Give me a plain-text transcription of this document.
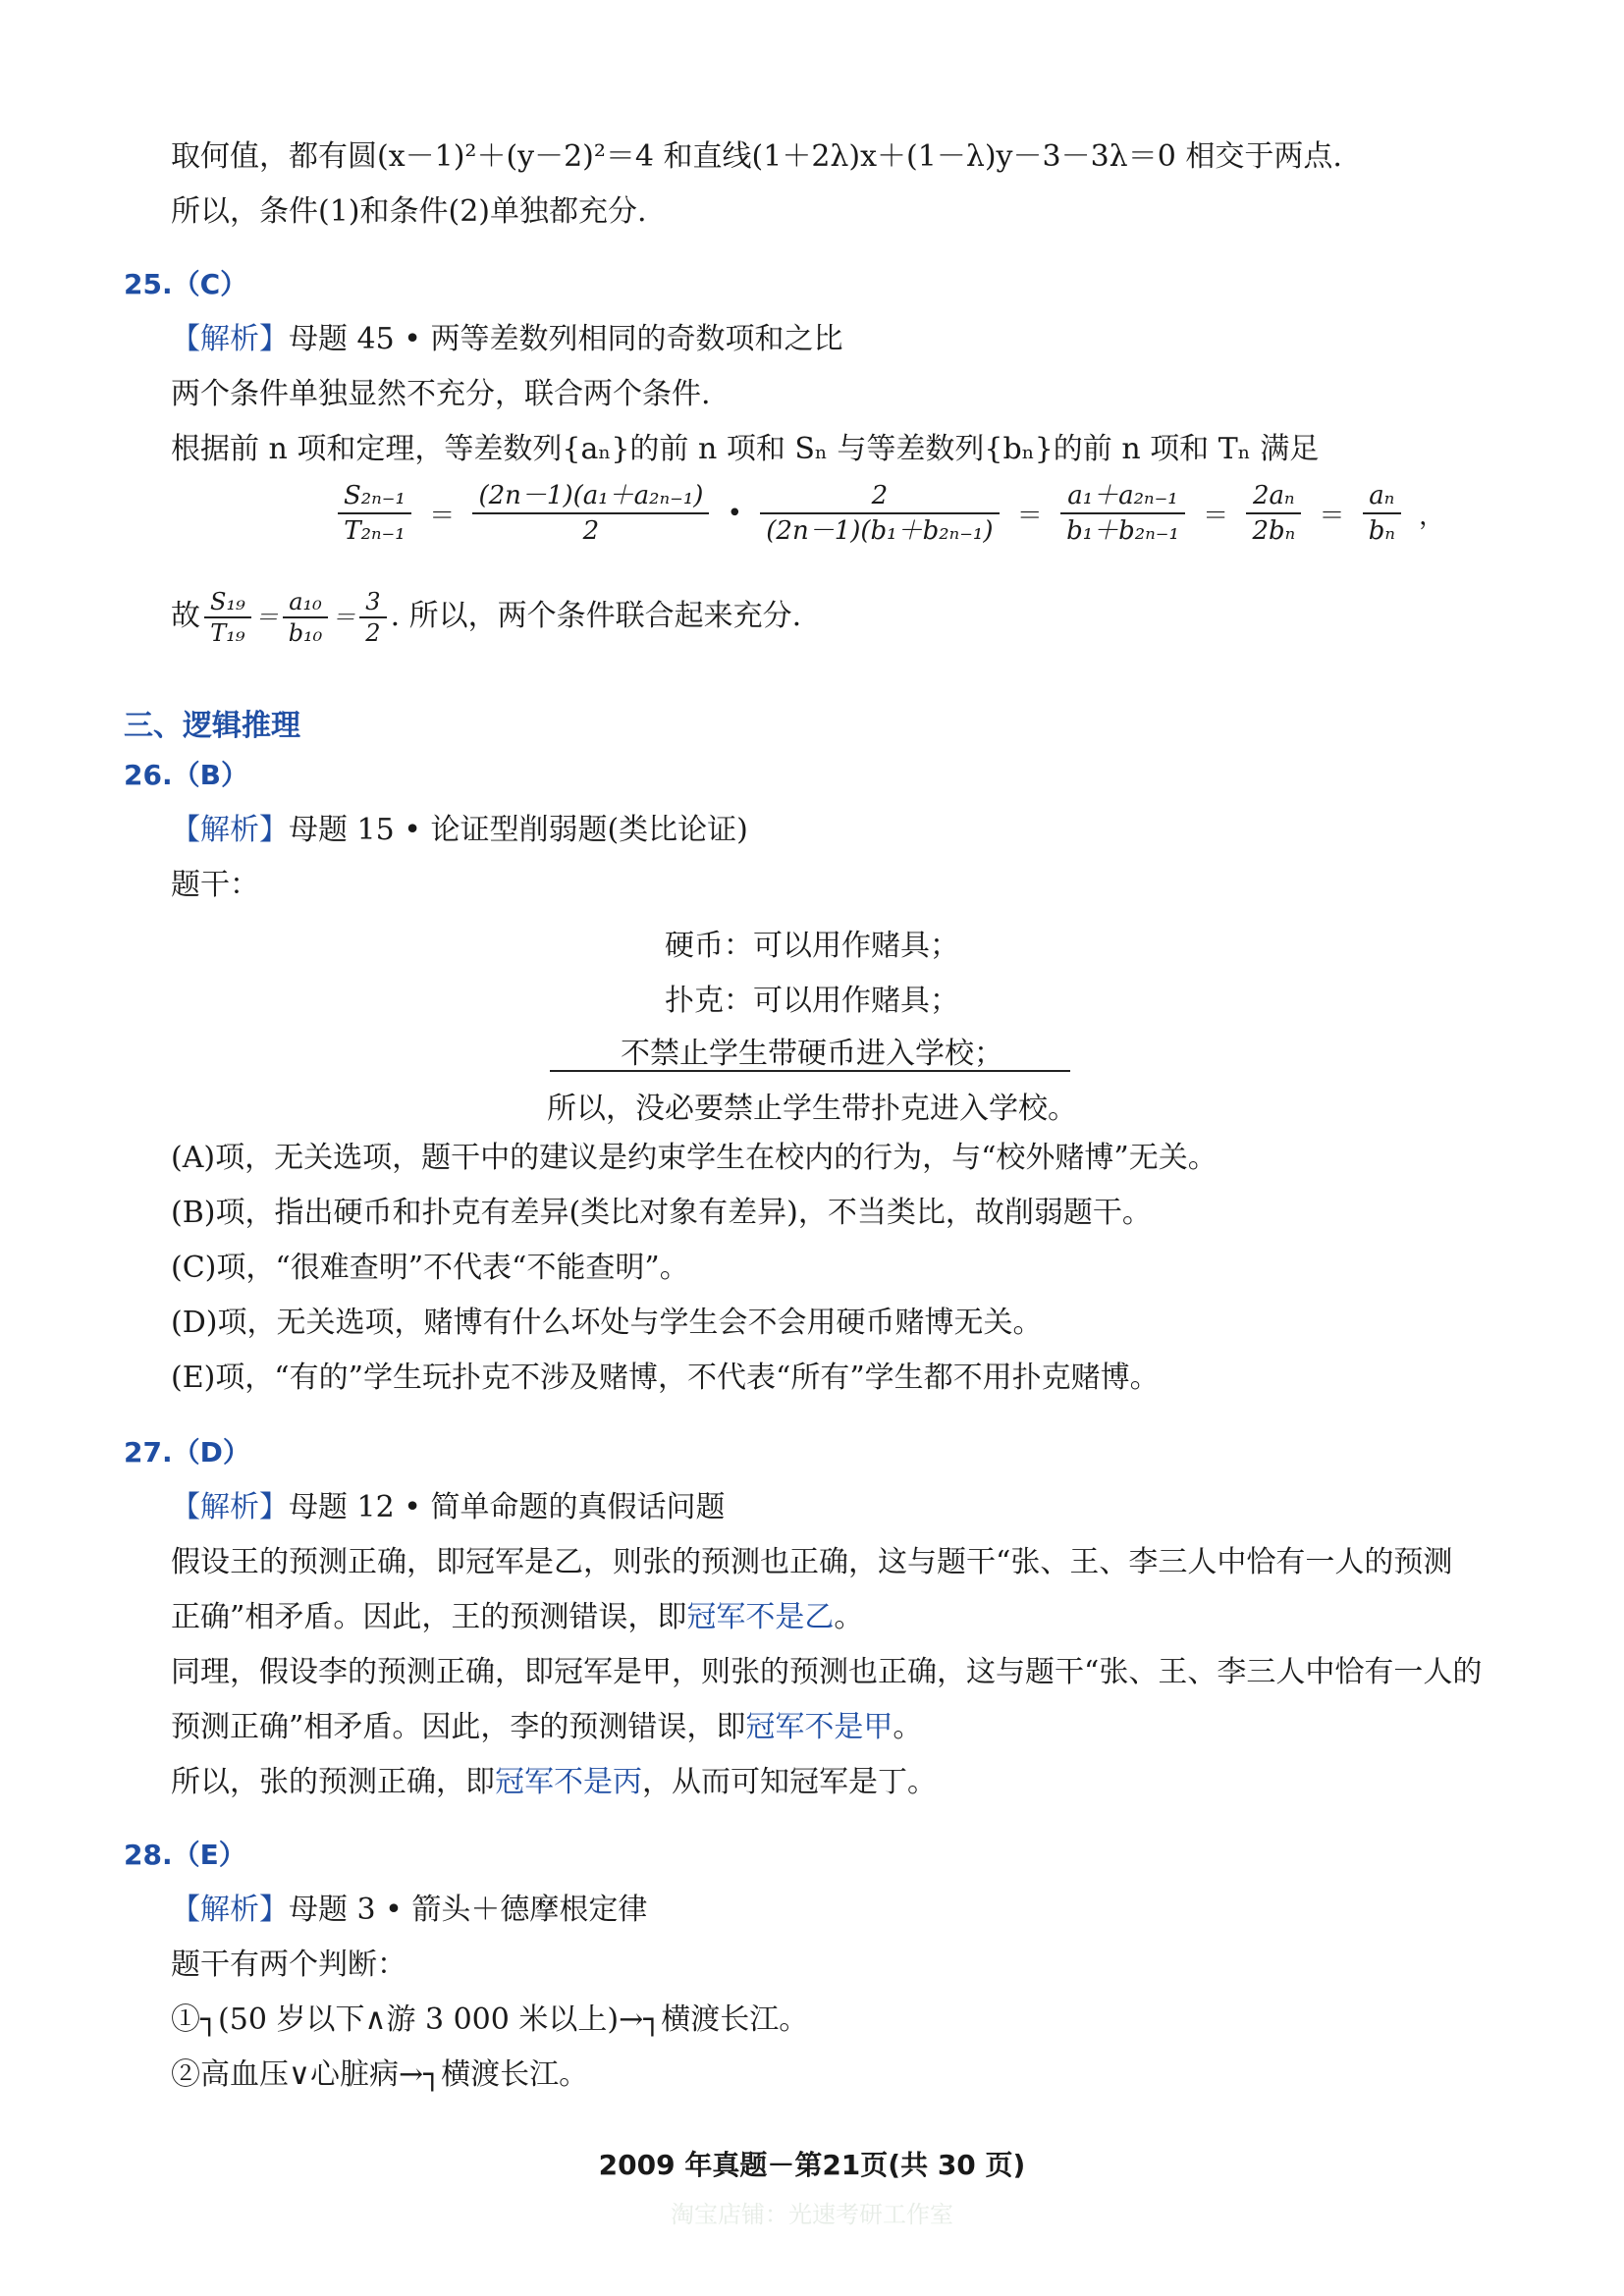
取何值，都有圆(x－1)²＋(y－2)²＝4 和直线(1＋2λ)x＋(1－λ)y－3－3λ＝0 相交于两点.
所以，条件(1)和条件(2)单独都充分.
25.（C）
【解析】母题 45 • 两等差数列相同的奇数项和之比
两个条件单独显然不充分，联合两个条件.
根据前 n 项和定理，等差数列{aₙ}的前 n 项和 Sₙ 与等差数列{bₙ}的前 n 项和 Tₙ 满足
$\frac{\text{S₂ₙ₋₁}}{\text{T₂ₙ₋₁}} = \frac{\text{(2n－1)(a₁＋a₂ₙ₋₁)}}{2}$ • $\frac{2}{\text{(2n－1)(b₁＋b₂ₙ₋₁)}} = \frac{\text{a₁＋a₂ₙ₋₁}}{\text{b₁＋b₂ₙ₋₁}} = \frac{\text{2aₙ}}{\text{2bₙ}} = \frac{\text{aₙ}}{\text{bₙ}}$ ，
故 $\frac{\text{S₁₉}}{\text{T₁₉}} = \frac{\text{a₁₀}}{\text{b₁₀}} = \frac{3}{2}$ . 所以，两个条件联合起来充分.
三、逻辑推理
26.（B）
【解析】母题 15 • 论证型削弱题(类比论证)
题干：
硬币：可以用作赌具；
扑克：可以用作赌具；
不禁止学生带硬币进入学校；
所以，没必要禁止学生带扑克进入学校。
(A)项，无关选项，题干中的建议是约束学生在校内的行为，与“校外赌博”无关。
(B)项，指出硬币和扑克有差异(类比对象有差异)，不当类比，故削弱题干。
(C)项，“很难查明”不代表“不能查明”。
(D)项，无关选项，赌博有什么坏处与学生会不会用硬币赌博无关。
(E)项，“有的”学生玩扑克不涉及赌博，不代表“所有”学生都不用扑克赌博。
27.（D）
【解析】母题 12 • 简单命题的真假话问题
假设王的预测正确，即冠军是乙，则张的预测也正确，这与题干“张、王、李三人中恰有一人的预测
正确”相矛盾。因此，王的预测错误，即冠军不是乙。
同理，假设李的预测正确，即冠军是甲，则张的预测也正确，这与题干“张、王、李三人中恰有一人的
预测正确”相矛盾。因此，李的预测错误，即冠军不是甲。
所以，张的预测正确，即冠军不是丙，从而可知冠军是丁。
28.（E）
【解析】母题 3 • 箭头＋德摩根定律
题干有两个判断：
①┐(50 岁以下∧游 3 000 米以上)→┐横渡长江。
②高血压∨心脏病→┐横渡长江。
2009 年真题－第21页(共 30 页)
淘宝店铺：光速考研工作室
